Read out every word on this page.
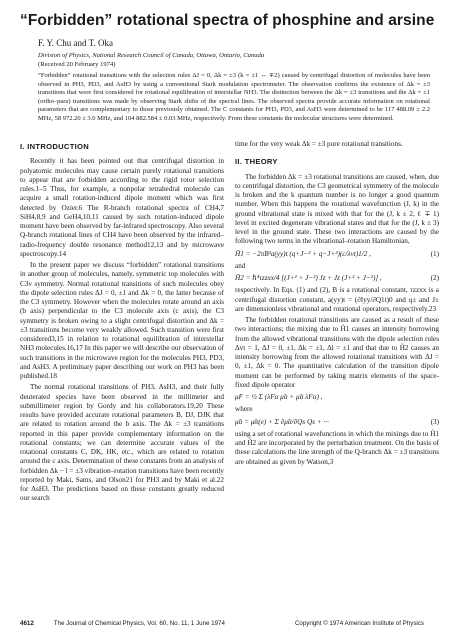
“Forbidden” rotational spectra of phosphine and arsine
F. Y. Chu and T. Oka
Division of Physics, National Research Council of Canada, Ottawa, Ontario, Canada
(Received 20 February 1974)
“Forbidden” rotational transitions with the selection rules ΔJ = 0, Δk = ±3 (k = ±1 ↔ ∓2) caused by centrifugal distortion of molecules have been observed in PH3, PD3, and AsH3 by using a conventional Stark modulation spectrometer. The observation confirms the existence of Δk = ±3 transitions that were first considered for rotational equilibration of interstellar NH3. The distinction between the Δk = ±3 transitions and the Δk = ±1 (ortho–para) transitions was made by observing Stark shifts of the spectral lines. The observed spectra provide accurate information on rotational parameters that are complementary to those previously obtained. The C constants for PH3, PD3, and AsH3 were determined to be 117 488.09 ± 2.2 MHz, 58 972.20 ± 3.0 MHz, and 104 882.584 ± 0.03 MHz, respectively. From these constants the molecular structures were determined.
I. INTRODUCTION

Recently it has been pointed out that centrifugal distortion in polyatomic molecules may cause certain purely rotational transitions to appear that are forbidden according to the rigid rotor selection rules.1–5 Thus, for example, a nonpolar tetrahedral molecule can acquire a small rotation-induced dipole moment which was first detected by Ozier.6 The R-branch rotational spectra of CH4,7 SiH4,8,9 and GeH4,10,11 caused by such rotation-induced dipole moment have been observed by far-infrared spectroscopy. Also several Q-branch rotational lines of CH4 have been observed by the infrared–radio-frequency double resonance method12,13 and by microwave spectroscopy.14

In the present paper we discuss “forbidden” rotational transitions in another group of molecules, namely, symmetric top molecules with C3v symmetry. Normal rotational transitions of such molecules obey the dipole selection rules ΔJ = 0, ±1 and Δk = 0, the latter because of the C3 symmetry. However when the molecules rotate around an axis (b axis) perpendicular to the C3 molecule axis (c axis), the C3 symmetry is broken owing to a slight centrifugal distortion and Δk = ±3 transitions become very weakly allowed. Such transition were first considered3,15 in relation to rotational equilibration of interstellar NH3 molecules.16,17 In this paper we will describe our observation of such transitions in the microwave region for the molecules PH3, PD3, and AsH3. A preliminary paper describing our work on PH3 has been published.18

The normal rotational transitions of PH3, AsH3, and their fully deuterated species have been observed in the millimeter and submillimeter region by Gordy and his collaborators.19,20 These results have provided accurate rotational parameters B, DJ, DJK that are related to rotation around the b axis. The Δk = ±3 transitions reported in this paper provide complementary information on the rotational constants; we can determine accurate values of the rotational constants C, DK, HK, etc., which are related to rotation around the c axis. Determination of these constants from an analysis of forbidden Δk − l = ±3 vibration–rotation transitions have been recently reported by Maki, Sams, and Olson21 for PH3 and by Maki et al.22 for AsH3. The predictions based on these constants greatly reduced our search

time for the very weak Δk = ±3 pure rotational transitions.

II. THEORY

The forbidden Δk = ±3 rotational transitions are caused, when, due to centrifugal distortion, the C3 geometrical symmetry of the molecule is broken and the k quantum number is no longer a good quantum number. When this happens the rotational wavefunction (J, k) in the ground vibrational state is mixed with that for the (J, k ± 2, ℓ ∓ 1) level in excited degenerate vibrational states and that for the (J, k ± 3) level in the ground state. These two interactions are caused by the following two terms in the vibrational–rotation Hamiltonian,

H̃1 = −2πB²a(yy)t (q+J−² + q−J+²)(c/λvt)1/2 ,	(1)
and
H̃2 = ℏ⁴τzzxx/4 [(J+² + J−²) Jz + Jz (J+² + J−²)] ,	(2)

respectively. In Eqs. (1) and (2), B is a rotational constant, τzzxx is a centrifugal distortion constant, a(yy)t = (∂Iyy/∂Q1t)0 and q± and J± are dimensionless vibrational and rotational operators, respectively.23

The forbidden rotational transitions are caused as a result of these two interactions; the mixing due to H̃1 causes an intensity borrowing from the allowed vibrational transitions with the dipole selection rules Δvt = 1, ΔJ = 0, ±1, Δk = ±1, Δl = ±1 and that due to H̃2 causes an intensity borrowing from the allowed rotational transitions with ΔJ = 0, ±1, Δk = 0. The quantitative calculation of the transition dipole moment can be performed by taking matrix elements of the space-fixed dipole operator

μF = ½ Σ (λFα μ̃α + μ̃α λFα) ,
where
μ̃α = μ̃α(e) + Σ ∂μ̃α/∂Qs Qs + ···	(3)

using a set of rotational wavefunctions in which the mixings due to H̃1 and H̃2 are incorporated by the perturbation treatment. On the basis of these calculations the line strength of the Q-branch Δk = ±3 transitions are obtained as given by Watson,3

4612	The Journal of Chemical Physics, Vol. 60, No. 11, 1 June 1974	Copyright © 1974 American Institute of Physics
